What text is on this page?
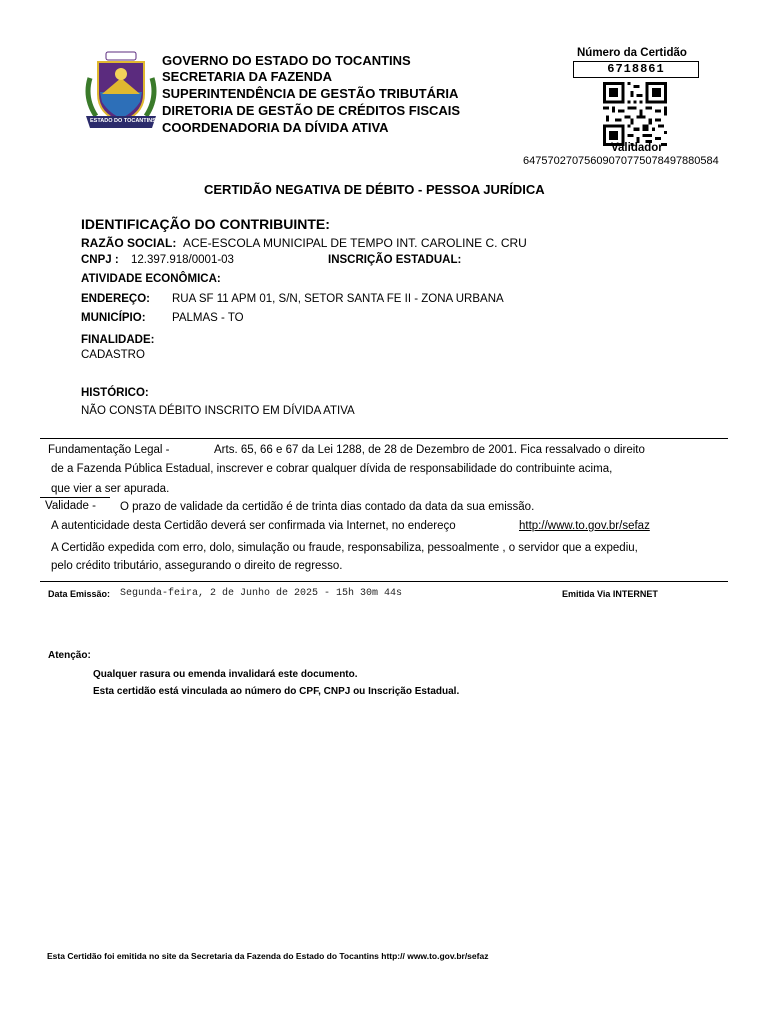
ESTADO DO TOCANTINS
GOVERNO DO ESTADO DO TOCANTINS
SECRETARIA DA FAZENDA
SUPERINTENDÊNCIA DE GESTÃO TRIBUTÁRIA
DIRETORIA DE GESTÃO DE CRÉDITOS FISCAIS
COORDENADORIA DA DÍVIDA ATIVA
Número da Certidão
6718861
Validador
64757027075609070775078497880584
CERTIDÃO NEGATIVA DE DÉBITO - PESSOA JURÍDICA
IDENTIFICAÇÃO DO CONTRIBUINTE:
RAZÃO SOCIAL: ACE-ESCOLA MUNICIPAL DE TEMPO INT. CAROLINE C. CRU
CNPJ : 12.397.918/0001-03	INSCRIÇÃO ESTADUAL:
ATIVIDADE ECONÔMICA:
ENDEREÇO: RUA SF 11 APM 01, S/N, SETOR SANTA FE II - ZONA URBANA
MUNICÍPIO: PALMAS - TO
FINALIDADE:
CADASTRO
HISTÓRICO:
NÃO CONSTA DÉBITO INSCRITO EM DÍVIDA ATIVA
Fundamentação Legal -	Arts. 65, 66 e 67 da Lei 1288, de 28 de Dezembro de 2001. Fica ressalvado o direito
de a Fazenda Pública Estadual, inscrever e cobrar qualquer dívida de responsabilidade do contribuinte acima,
que vier a ser apurada.
Validade - O prazo de validade da certidão é de trinta dias contado da data da sua emissão.
A autenticidade desta Certidão deverá ser confirmada via Internet, no endereço	http://www.to.gov.br/sefaz
A Certidão expedida com erro, dolo, simulação ou fraude, responsabiliza, pessoalmente , o servidor que a expediu,
pelo crédito tributário, assegurando o direito de regresso.
Data Emissão: Segunda-feira, 2 de Junho de 2025 - 15h 30m 44s	Emitida Via INTERNET
Atenção:
Qualquer rasura ou emenda invalidará este documento.
Esta certidão está vinculada ao número do CPF, CNPJ ou Inscrição Estadual.
Esta Certidão foi emitida no site da Secretaria da Fazenda do Estado do Tocantins http:// www.to.gov.br/sefaz
